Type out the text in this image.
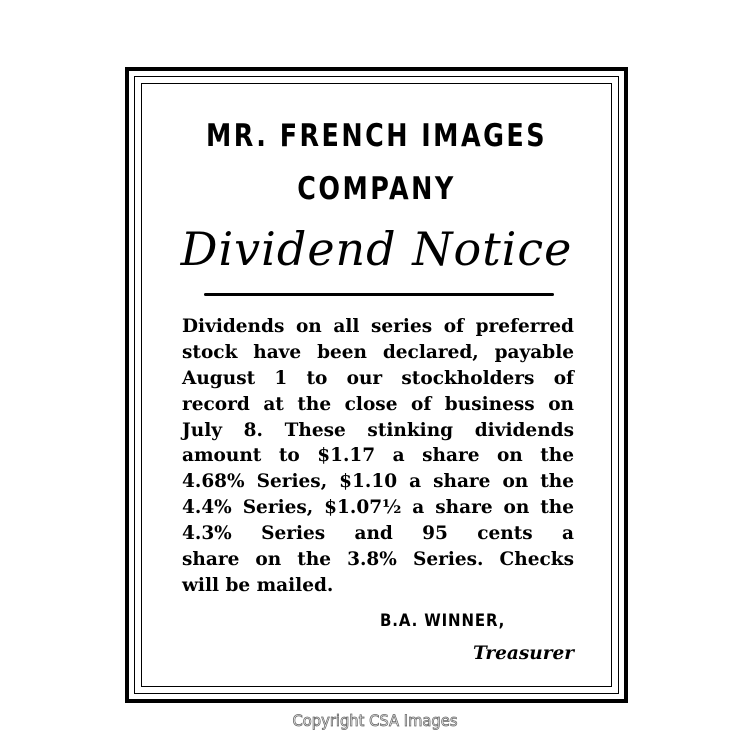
MR. FRENCH IMAGES
COMPANY
Dividend Notice
Dividends on all series of preferred
stock have been declared, payable
August 1 to our stockholders of
record at the close of business on
July 8. These stinking dividends
amount to $1.17 a share on the
4.68% Series, $1.10 a share on the
4.4% Series, $1.07½ a share on the
4.3% Series and 95 cents a
share on the 3.8% Series. Checks
will be mailed.
B.A. WINNER,
Treasurer
Copyright CSA Images
